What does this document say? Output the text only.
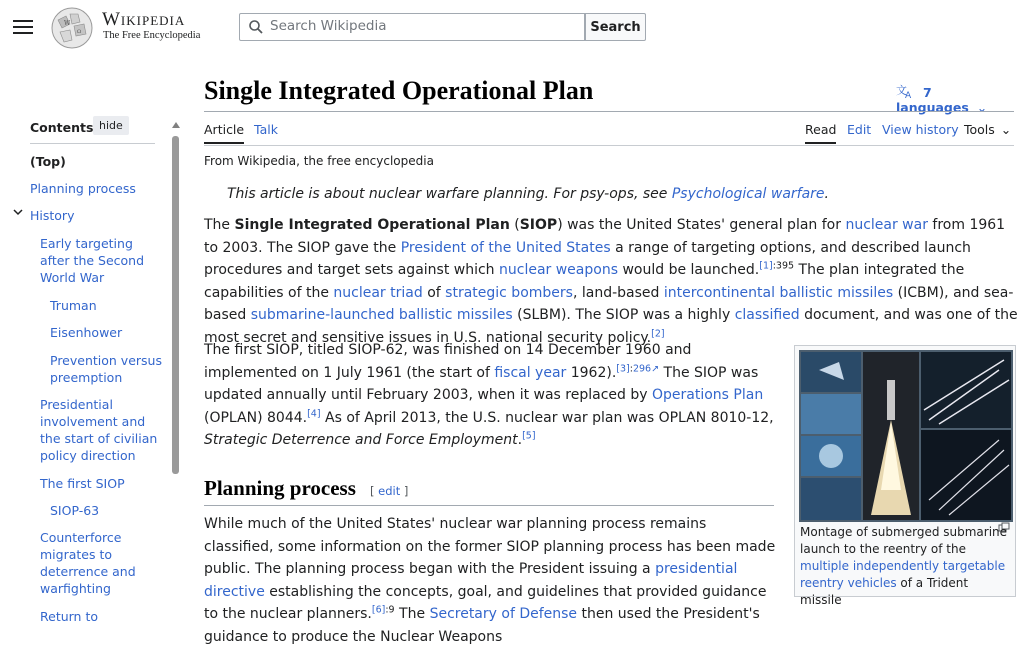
W
Ω
Wikipedia
The Free Encyclopedia
Search Wikipedia
Search
Contents hide
(Top)
Planning process
History
Early targeting after the Second World War
Truman
Eisenhower
Prevention versus preemption
Presidential involvement and the start of civilian policy direction
The first SIOP
SIOP-63
Counterforce migrates to deterrence and warfighting
Return to
Single Integrated Operational Plan	文
A 7 languages ⌄
Article Talk	Read Edit View history Tools ⌄
From Wikipedia, the free encyclopedia
This article is about nuclear warfare planning. For psy-ops, see Psychological warfare.
The Single Integrated Operational Plan (SIOP) was the United States' general plan for nuclear war from 1961 to 2003. The SIOP gave the President of the United States a range of targeting options, and described launch procedures and target sets against which nuclear weapons would be launched.$^{[1]:395}$ The plan integrated the capabilities of the nuclear triad of strategic bombers, land-based intercontinental ballistic missiles (ICBM), and sea-based submarine-launched ballistic missiles (SLBM). The SIOP was a highly classified document, and was one of the most secret and sensitive issues in U.S. national security policy.[2]
The first SIOP, titled SIOP-62, was finished on 14 December 1960 and implemented on 1 July 1961 (the start of fiscal year 1962).$^{[3]:296↗}$ The SIOP was updated annually until February 2003, when it was replaced by Operations Plan (OPLAN) 8044.[4] As of April 2013, the U.S. nuclear war plan was OPLAN 8010-12, Strategic Deterrence and Force Employment.[5]
Planning process [ edit ]
While much of the United States' nuclear war planning process remains classified, some information on the former SIOP planning process has been made public. The planning process began with the President issuing a presidential directive establishing the concepts, goal, and guidelines that provided guidance to the nuclear planners.$^{[6]:9}$ The Secretary of Defense then used the President's guidance to produce the Nuclear Weapons
Montage of submerged submarine launch to the reentry of the multiple independently targetable reentry vehicles of a Trident missile
